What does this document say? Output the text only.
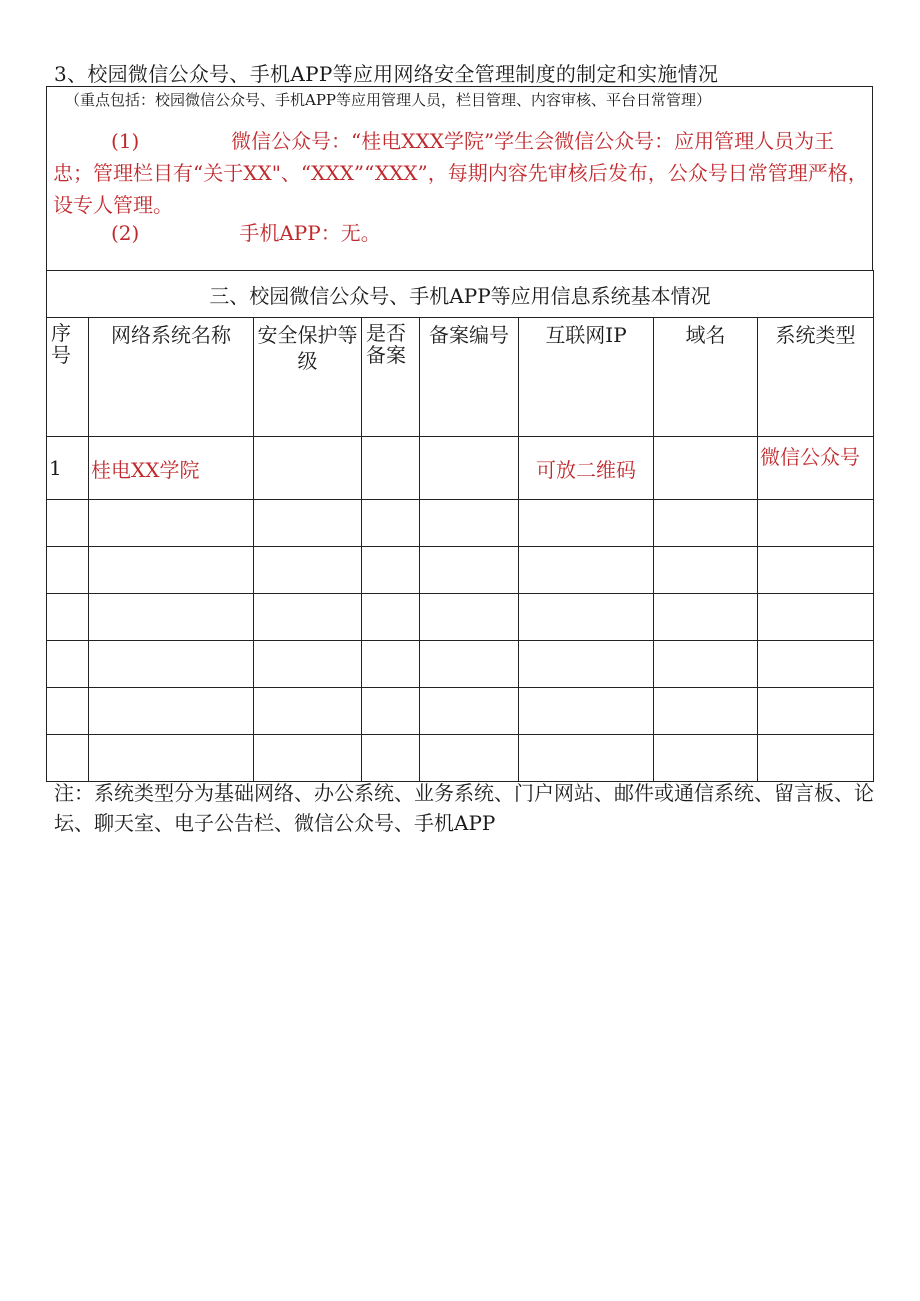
3、校园微信公众号、手机APP等应用网络安全管理制度的制定和实施情况
（重点包括：校园微信公众号、手机APP等应用管理人员，栏目管理、内容审核、平台日常管理）
(1)	微信公众号：“桂电XXX学院”学生会微信公众号：应用管理人员为王忠；管理栏目有“关于XX"、“XXX”“XXX”，每期内容先审核后发布，公众号日常管理严格，设专人管理。
(2)	手机APP：无。
三、校园微信公众号、手机APP等应用信息系统基本情况							
序号	网络系统名称	安全保护等级	是否备案	备案编号	互联网IP	域名	系统类型
1	桂电XX学院				可放二维码		微信公众号

注：系统类型分为基础网络、办公系统、业务系统、门户网站、邮件或通信系统、留言板、论坛、聊天室、电子公告栏、微信公众号、手机APP
